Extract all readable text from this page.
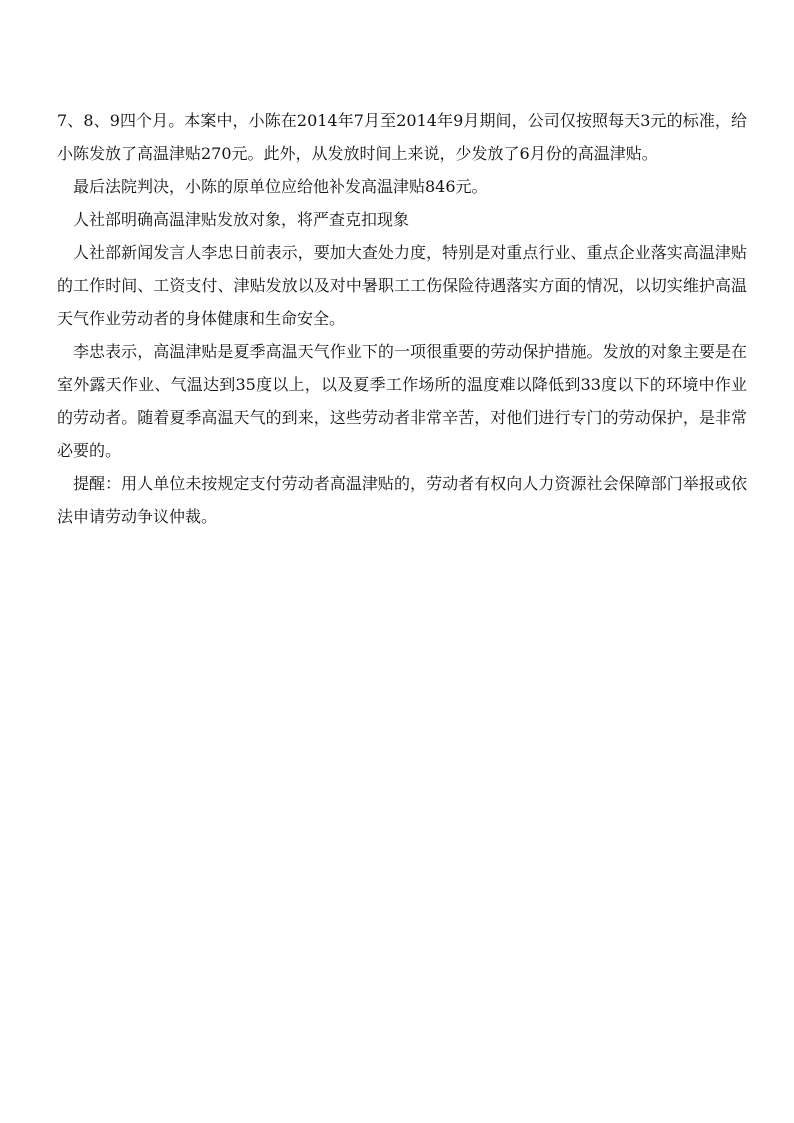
7、8、9四个月。本案中，小陈在2014年7月至2014年9月期间，公司仅按照每天3元的标准，给小陈发放了高温津贴270元。此外，从发放时间上来说，少发放了6月份的高温津贴。

最后法院判决，小陈的原单位应给他补发高温津贴846元。

人社部明确高温津贴发放对象，将严查克扣现象

人社部新闻发言人李忠日前表示，要加大查处力度，特别是对重点行业、重点企业落实高温津贴的工作时间、工资支付、津贴发放以及对中暑职工工伤保险待遇落实方面的情况，以切实维护高温天气作业劳动者的身体健康和生命安全。

李忠表示，高温津贴是夏季高温天气作业下的一项很重要的劳动保护措施。发放的对象主要是在室外露天作业、气温达到35度以上，以及夏季工作场所的温度难以降低到33度以下的环境中作业的劳动者。随着夏季高温天气的到来，这些劳动者非常辛苦，对他们进行专门的劳动保护，是非常必要的。

提醒：用人单位未按规定支付劳动者高温津贴的，劳动者有权向人力资源社会保障部门举报或依法申请劳动争议仲裁。
